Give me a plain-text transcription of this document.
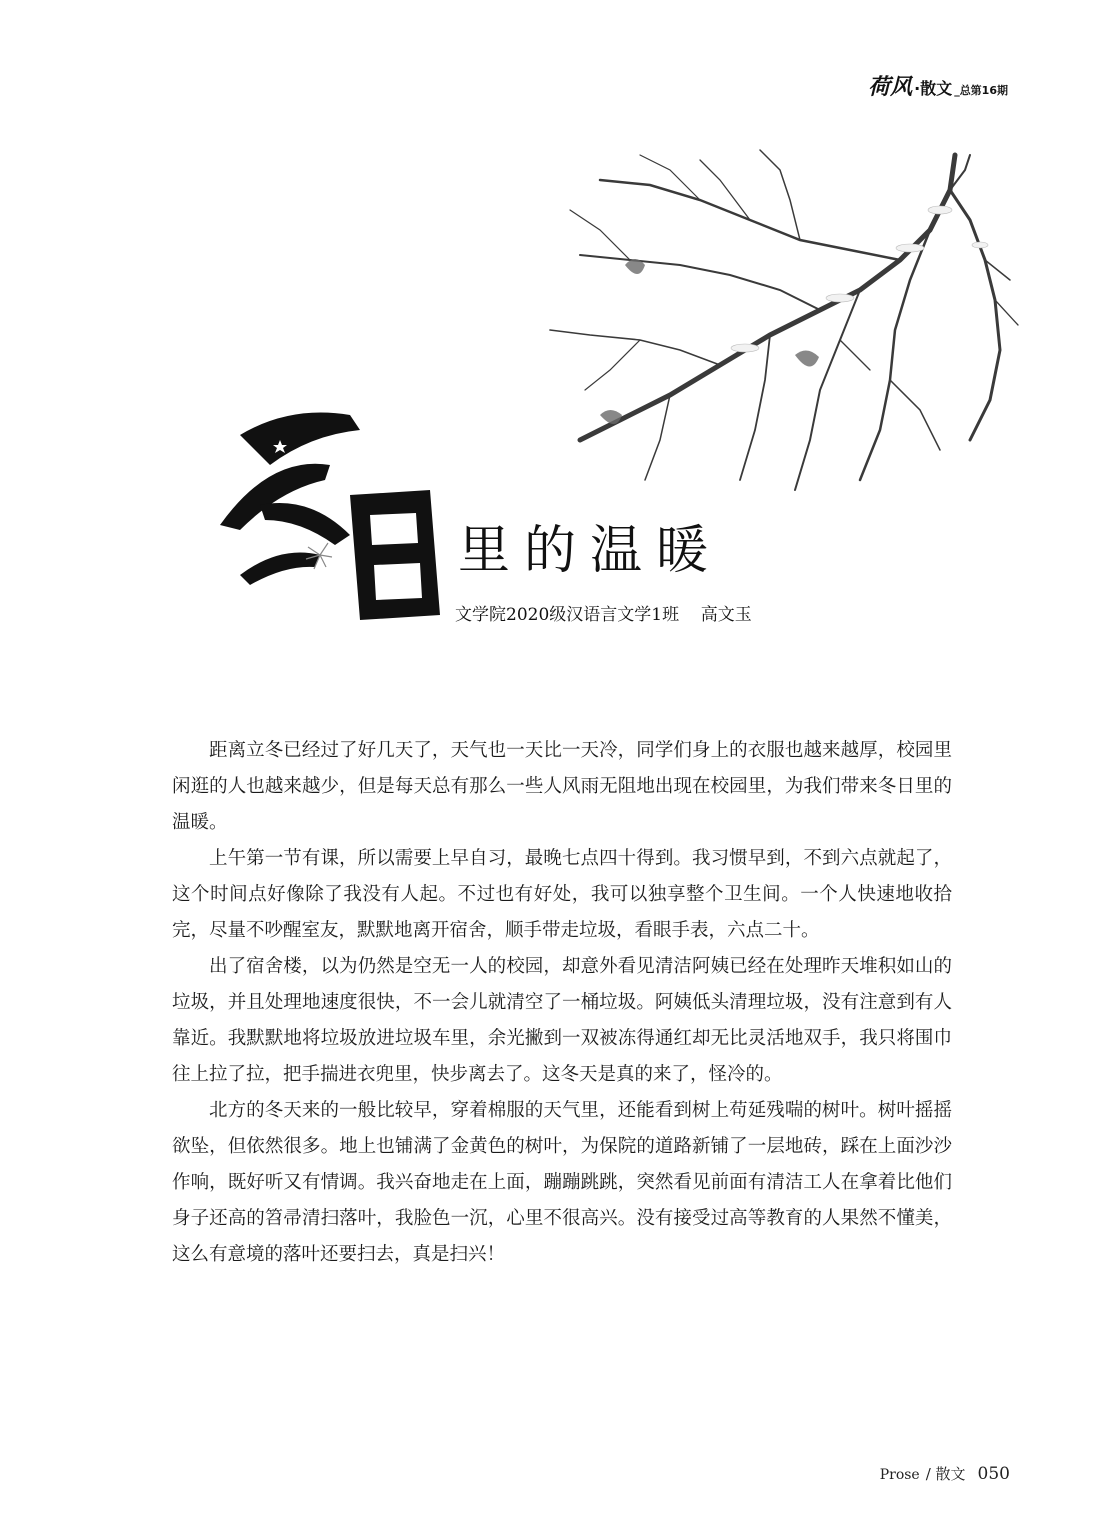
荷风 ·散文 _总第16期
里的温暖
文学院2020级汉语言文学1班    高文玉

距离立冬已经过了好几天了，天气也一天比一天冷，同学们身上的衣服也越来越厚，校园里闲逛的人也越来越少，但是每天总有那么一些人风雨无阻地出现在校园里，为我们带来冬日里的温暖。

上午第一节有课，所以需要上早自习，最晚七点四十得到。我习惯早到，不到六点就起了，这个时间点好像除了我没有人起。不过也有好处，我可以独享整个卫生间。一个人快速地收拾完，尽量不吵醒室友，默默地离开宿舍，顺手带走垃圾，看眼手表，六点二十。

出了宿舍楼，以为仍然是空无一人的校园，却意外看见清洁阿姨已经在处理昨天堆积如山的垃圾，并且处理地速度很快，不一会儿就清空了一桶垃圾。阿姨低头清理垃圾，没有注意到有人靠近。我默默地将垃圾放进垃圾车里，余光撇到一双被冻得通红却无比灵活地双手，我只将围巾往上拉了拉，把手揣进衣兜里，快步离去了。这冬天是真的来了，怪冷的。

北方的冬天来的一般比较早，穿着棉服的天气里，还能看到树上苟延残喘的树叶。树叶摇摇欲坠，但依然很多。地上也铺满了金黄色的树叶，为保院的道路新铺了一层地砖，踩在上面沙沙作响，既好听又有情调。我兴奋地走在上面，蹦蹦跳跳，突然看见前面有清洁工人在拿着比他们身子还高的笤帚清扫落叶，我脸色一沉，心里不很高兴。没有接受过高等教育的人果然不懂美，这么有意境的落叶还要扫去，真是扫兴！

Prose / 散文 050
